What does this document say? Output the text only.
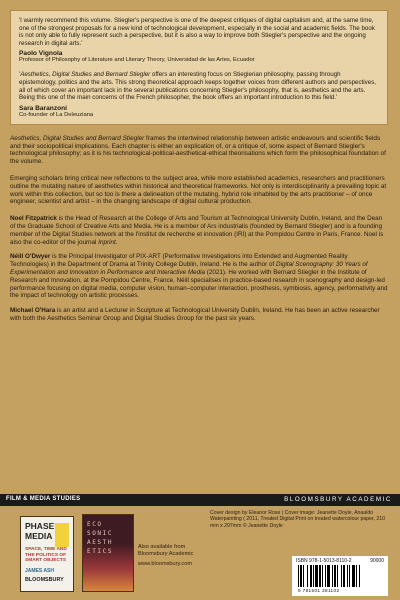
'I warmly recommend this volume. Stiegler's perspective is one of the deepest critiques of digital capitalism and, at the same time, one of the strongest proposals for a new kind of technological development, especially in the social and academic fields. The book is not only able to fully represent such a perspective, but it is also a way to improve both Stiegler's perspective and the ongoing research in digital arts.'

Paolo Vignola
Professor of Philosophy of Literature and Literary Theory, Universidad de las Artes, Ecuador

'Aesthetics, Digital Studies and Bernard Stiegler offers an interesting focus on Stieglerian philosophy, passing through epistemology, politics and the arts. This strong theoretical approach keeps together voices from different authors and perspectives, all of which cover an important lack in the several publications concerning Stiegler's philosophy, that is, aesthetics and the arts. Being this one of the main concerns of the French philosopher, the book offers an important introduction to this field.'

Sara Baranzoni
Co-founder of La Deleuziana

Aesthetics, Digital Studies and Bernard Stiegler frames the intertwined relationship between artistic endeavours and scientific fields and their sociopolitical implications. Each chapter is either an explication of, or a critique of, some aspect of Bernard Stiegler's technological philosophy; as it is his technological-political-aesthetical-ethical theorisations which form the philosophical foundation of the volume.

Emerging scholars bring critical new reflections to the subject area, while more established academics, researchers and practitioners outline the mutating nature of aesthetics within historical and theoretical frameworks. Not only is interdisciplinarity a prevailing topic at work within this collection, but so too is there a delineation of the mutating, hybrid role inhabited by the arts practitioner – of once engineer, scientist and artist – in the changing landscape of digital cultural production.

Noel Fitzpatrick is the Head of Research at the College of Arts and Tourism at Technological University Dublin, Ireland, and the Dean of the Graduate School of Creative Arts and Media. He is a member of Ars industrialis (founded by Bernard Stiegler) and is a founding member of the Digital Studies network at the l'institut de recherche et innovation (IRI) at the Pompidou Centre in Paris, France. Noel is also the co-editor of the journal Inprint.

Néill O'Dwyer is the Principal Investigator of PIX-ART (Performative Investigations into Extended and Augmented Reality Technologies) in the Department of Drama at Trinity College Dublin, Ireland. He is the author of Digital Scenography: 30 Years of Experimentation and Innovation in Performance and Interactive Media (2021). He worked with Bernard Stiegler in the Institute of Research and Innovation, at the Pompidou Centre, France. Néill specialises in practice-based research in scenography and design-led performance focusing on digital media, computer vision, human–computer interaction, prosthesis, symbiosis, agency, performativity and the impact of technology on artistic processes.

Michael O'Hara is an artist and a Lecturer in Sculpture at Technological University Dublin, Ireland. He has been an active researcher with both the Aesthetics Seminar Group and Digital Studies Group for the past six years.

FILM & MEDIA STUDIES	BLOOMSBURY ACADEMIC
PHASE
MEDIA
SPACE, TIME AND THE POLITICS OF SMART OBJECTS
JAMES ASH
BLOOMSBURY
ECO
SONIC
AESTH
ETICS
Also available from Bloomsbury Academic
www.bloomsbury.com
Cover design by Eleanor Rose | Cover image: Jeanette Doyle, Anaaldo Waterpainting ( 2011, Treated Digital Print on treated watercolour paper, 210 mm x 297mm © Jeanette Doyle
ISBN 978-1-5013-8110-2	90000
9 781501 381102
